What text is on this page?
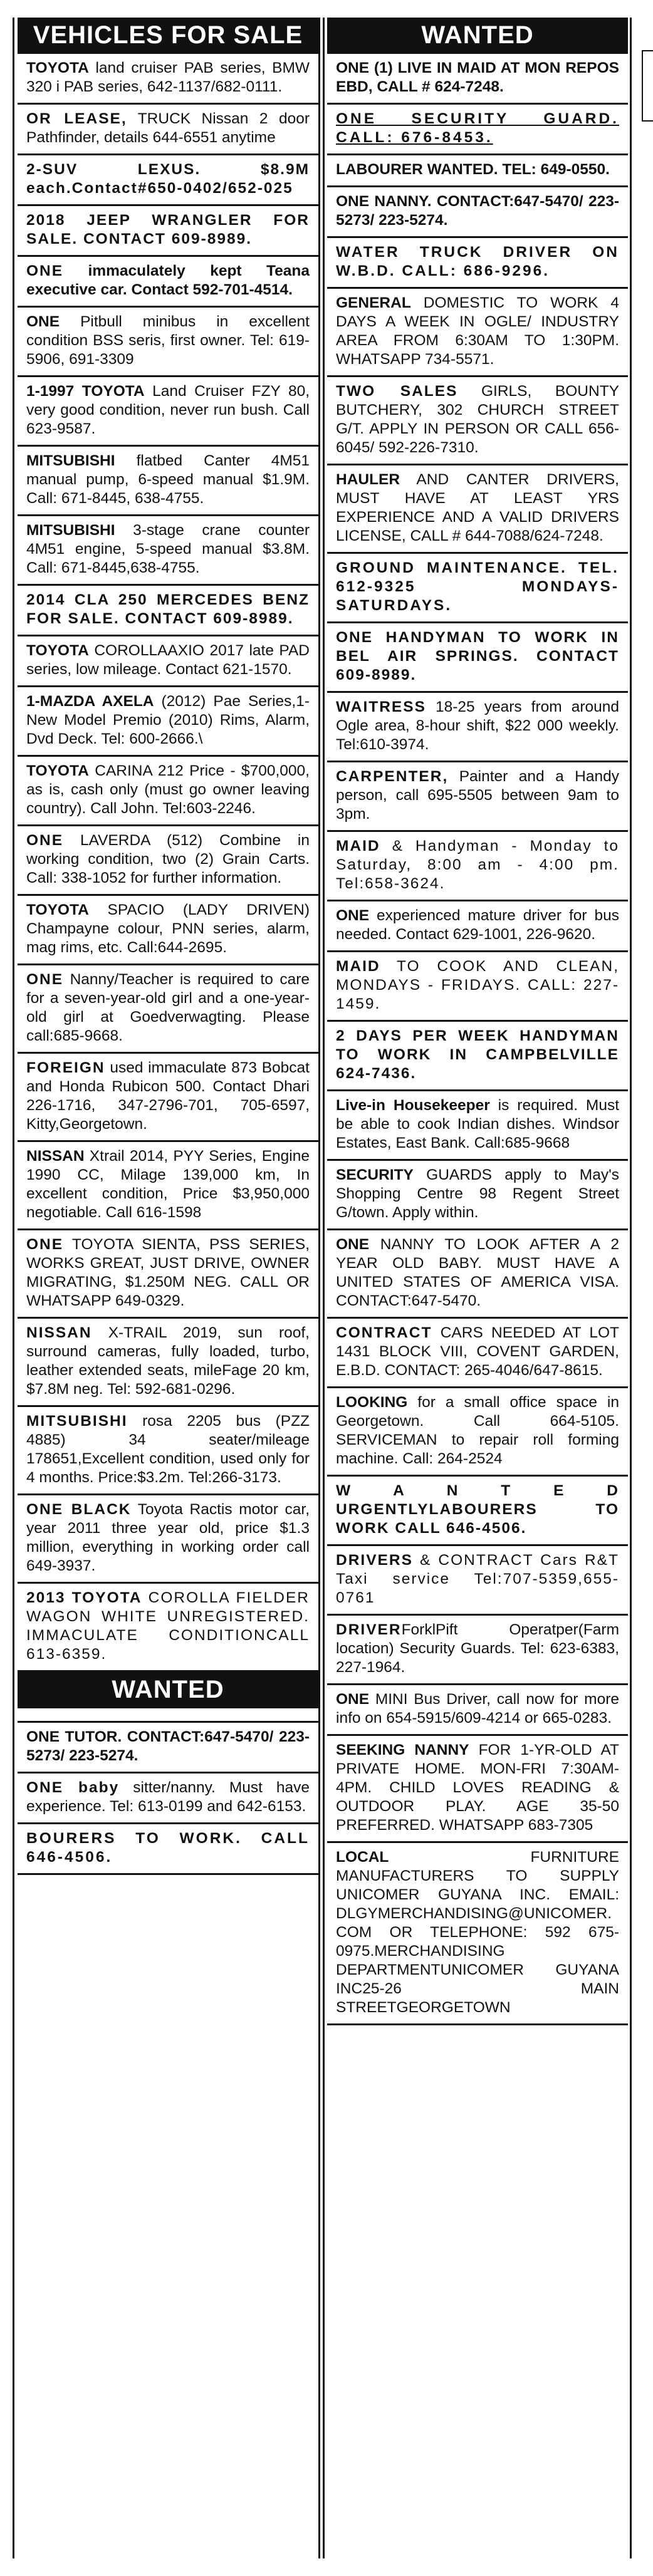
VEHICLES FOR SALE
TOYOTA land cruiser PAB series, BMW 320 i PAB series, 642-1137/682-0111.
OR LEASE, TRUCK Nissan 2 door Pathfinder, details 644-6551 anytime
2-SUV LEXUS. $8.9M each.Contact#650-0402/652-025
2018 JEEP WRANGLER FOR SALE. CONTACT 609-8989.
ONE immaculately kept Teana executive car. Contact 592-701-4514.
ONE Pitbull minibus in excellent condition BSS seris, first owner. Tel: 619-5906, 691-3309
1-1997 TOYOTA Land Cruiser FZY 80, very good condition, never run bush. Call 623-9587.
MITSUBISHI flatbed Canter 4M51 manual pump, 6-speed manual $1.9M. Call: 671-8445, 638-4755.
MITSUBISHI 3-stage crane counter 4M51 engine, 5-speed manual $3.8M. Call: 671-8445,638-4755.
2014 CLA 250 MERCEDES BENZ FOR SALE. CONTACT 609-8989.
TOYOTA COROLLAAXIO 2017 late PAD series, low mileage. Contact 621-1570.
1-MAZDA AXELA (2012) Pae Series,1- New Model Premio (2010) Rims, Alarm, Dvd Deck. Tel: 600-2666.\
TOYOTA CARINA 212 Price - $700,000, as is, cash only (must go owner leaving country). Call John. Tel:603-2246.
ONE LAVERDA (512) Combine in working condition, two (2) Grain Carts. Call: 338-1052 for further information.
TOYOTA SPACIO (LADY DRIVEN) Champayne colour, PNN series, alarm, mag rims, etc. Call:644-2695.
ONE Nanny/Teacher is required to care for a seven-year-old girl and a one-year-old girl at Goedverwagting. Please call:685-9668.
FOREIGN used immaculate 873 Bobcat and Honda Rubicon 500. Contact Dhari 226-1716, 347-2796-701, 705-6597, Kitty,Georgetown.
NISSAN Xtrail 2014, PYY Series, Engine 1990 CC, Milage 139,000 km, In excellent condition, Price $3,950,000 negotiable. Call 616-1598
ONE TOYOTA SIENTA, PSS SERIES, WORKS GREAT, JUST DRIVE, OWNER MIGRATING, $1.250M NEG. CALL OR WHATSAPP 649-0329.
NISSAN X-TRAIL 2019, sun roof, surround cameras, fully loaded, turbo, leather extended seats, mileFage 20 km, $7.8M neg. Tel: 592-681-0296.
MITSUBISHI rosa 2205 bus (PZZ 4885) 34 seater/mileage 178651,Excellent condition, used only for 4 months. Price:$3.2m. Tel:266-3173.
ONE BLACK Toyota Ractis motor car, year 2011 three year old, price $1.3 million, everything in working order call 649-3937.
2013 TOYOTA COROLLA FIELDER WAGON WHITE UNREGISTERED. IMMACULATE CONDITIONCALL 613-6359.
WANTED
ONE TUTOR. CONTACT:647-5470/ 223-5273/ 223-5274.
ONE baby sitter/nanny. Must have experience. Tel: 613-0199 and 642-6153.
BOURERS TO WORK. CALL 646-4506.
WANTED
ONE (1) LIVE IN MAID AT MON REPOS EBD, CALL # 624-7248.
ONE SECURITY GUARD. CALL: 676-8453.
LABOURER WANTED. TEL: 649-0550.
ONE NANNY. CONTACT:647-5470/ 223-5273/ 223-5274.
WATER TRUCK DRIVER ON W.B.D. CALL: 686-9296.
GENERAL DOMESTIC TO WORK 4 DAYS A WEEK IN OGLE/ INDUSTRY AREA FROM 6:30AM TO 1:30PM. WHATSAPP 734-5571.
TWO SALES GIRLS, BOUNTY BUTCHERY, 302 CHURCH STREET G/T. APPLY IN PERSON OR CALL 656-6045/ 592-226-7310.
HAULER AND CANTER DRIVERS, MUST HAVE AT LEAST YRS EXPERIENCE AND A VALID DRIVERS LICENSE, CALL # 644-7088/624-7248.
GROUND MAINTENANCE. TEL. 612-9325 MONDAYS-SATURDAYS.
ONE HANDYMAN TO WORK IN BEL AIR SPRINGS. CONTACT 609-8989.
WAITRESS 18-25 years from around Ogle area, 8-hour shift, $22 000 weekly. Tel:610-3974.
CARPENTER, Painter and a Handy person, call 695-5505 between 9am to 3pm.
MAID & Handyman - Monday to Saturday, 8:00 am - 4:00 pm. Tel:658-3624.
ONE experienced mature driver for bus needed. Contact 629-1001, 226-9620.
MAID TO COOK AND CLEAN, MONDAYS - FRIDAYS. CALL: 227-1459.
2 DAYS PER WEEK HANDYMAN TO WORK IN CAMPBELVILLE 624-7436.
Live-in Housekeeper is required. Must be able to cook Indian dishes. Windsor Estates, East Bank. Call:685-9668
SECURITY GUARDS apply to May's Shopping Centre 98 Regent Street G/town. Apply within.
ONE NANNY TO LOOK AFTER A 2 YEAR OLD BABY. MUST HAVE A UNITED STATES OF AMERICA VISA. CONTACT:647-5470.
CONTRACT CARS NEEDED AT LOT 1431 BLOCK VIII, COVENT GARDEN, E.B.D. CONTACT: 265-4046/647-8615.
LOOKING for a small office space in Georgetown. Call 664-5105. SERVICEMAN to repair roll forming machine. Call: 264-2524
W A N T E D URGENTLYLABOURERS TO WORK CALL 646-4506.
DRIVERS & CONTRACT Cars R&T Taxi service Tel:707-5359,655-0761
DRIVERForklPift Operatper(Farm location) Security Guards. Tel: 623-6383, 227-1964.
ONE MINI Bus Driver, call now for more info on 654-5915/609-4214 or 665-0283.
SEEKING NANNY FOR 1-YR-OLD AT PRIVATE HOME. MON-FRI 7:30AM-4PM. CHILD LOVES READING & OUTDOOR PLAY. AGE 35-50 PREFERRED. WHATSAPP 683-7305
LOCAL FURNITURE MANUFACTURERS TO SUPPLY UNICOMER GUYANA INC. EMAIL: DLGYMERCHANDISING@UNICOMER.COM OR TELEPHONE: 592 675-0975.MERCHANDISING DEPARTMENTUNICOMER GUYANA INC25-26 MAIN STREETGEORGETOWN
